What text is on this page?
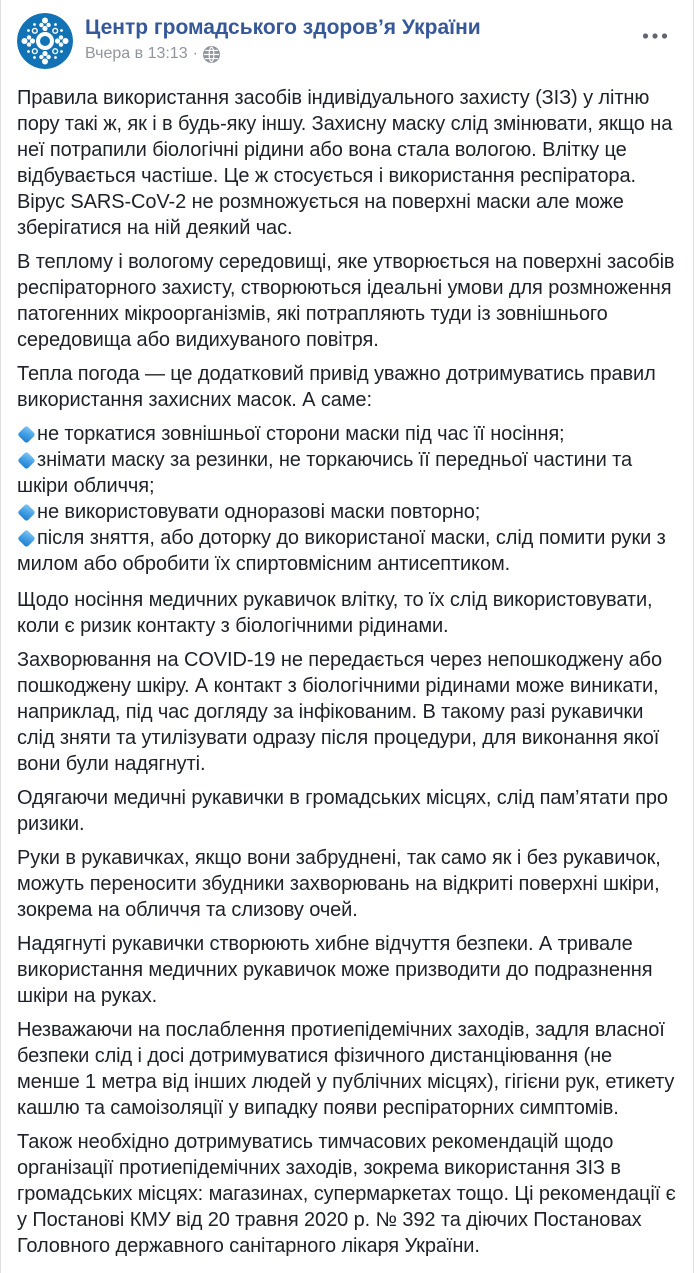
Центр громадського здоров’я України
Вчера в 13:13 ·

Правила використання засобів індивідуального захисту (ЗІЗ) у літню пору такі ж, як і в будь-яку іншу. Захисну маску слід змінювати, якщо на неї потрапили біологічні рідини або вона стала вологою. Влітку це відбувається частіше. Це ж стосується і використання респіратора. Вірус SARS-CoV-2 не розмножується на поверхні маски але може зберігатися на ній деякий час.

В теплому і вологому середовищі, яке утворюється на поверхні засобів респіраторного захисту, створюються ідеальні умови для розмноження патогенних мікроорганізмів, які потрапляють туди із зовнішнього середовища або видихуваного повітря.

Тепла погода — це додатковий привід уважно дотримуватись правил використання захисних масок. А саме:

не торкатися зовнішньої сторони маски під час її носіння;

знімати маску за резинки, не торкаючись її передньої частини та шкіри обличчя;

не використовувати одноразові маски повторно;

після зняття, або доторку до використаної маски, слід помити руки з милом або обробити їх спиртовмісним антисептиком.

Щодо носіння медичних рукавичок влітку, то їх слід використовувати, коли є ризик контакту з біологічними рідинами.

Захворювання на COVID-19 не передається через непошкоджену або пошкоджену шкіру. А контакт з біологічними рідинами може виникати, наприклад, під час догляду за інфікованим. В такому разі рукавички слід зняти та утилізувати одразу після процедури, для виконання якої вони були надягнуті.

Одягаючи медичні рукавички в громадських місцях, слід пам’ятати про ризики.

Руки в рукавичках, якщо вони забруднені, так само як і без рукавичок, можуть переносити збудники захворювань на відкриті поверхні шкіри, зокрема на обличчя та слизову очей.

Надягнуті рукавички створюють хибне відчуття безпеки. А тривале використання медичних рукавичок може призводити до подразнення шкіри на руках.

Незважаючи на послаблення протиепідемічних заходів, задля власної безпеки слід і досі дотримуватися фізичного дистанціювання (не менше 1 метра від інших людей у публічних місцях), гігієни рук, етикету кашлю та самоізоляції у випадку появи респіраторних симптомів.

Також необхідно дотримуватись тимчасових рекомендацій щодо організації протиепідемічних заходів, зокрема використання ЗІЗ в громадських місцях: магазинах, супермаркетах тощо. Ці рекомендації є у Постанові КМУ від 20 травня 2020 р. № 392 та діючих Постановах Головного державного санітарного лікаря України.
